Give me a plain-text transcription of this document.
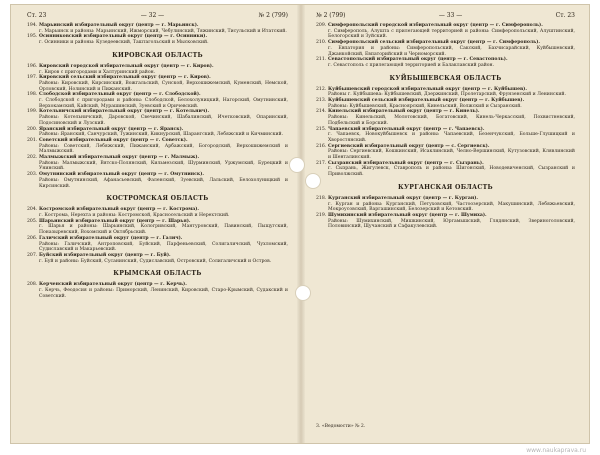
Ст. 23	— 32 —	№ 2 (799)
194. Марьинский избирательный округ (центр — г. Марьинск).
г. Марьинск и районы: Марьинский, Ижморский, Чебулинский, Тяжинский, Тисульский и Итатский.
195. Осинниковский избирательный округ (центр — г. Осинники).
г. Осинники и районы: Кузедеевский, Таштагольский и Мысковский.
КИРОВСКАЯ ОБЛАСТЬ
196. Кировский городской избирательный округ (центр — г. Киров).
г. Киров с пригородами и Халтуринский район.
197. Кировский сельский избирательный округ (центр — г. Киров).
Районы: Кировский, Кирсинский, Вожгальский, Сунской, Верхошижемский, Куменский, Немской, Орловский, Нолинский и Пижанский.
198. Слободской избирательный округ (центр — г. Слободской).
г. Слободской с пригородами и районы: Слободской, Белохолуницкий, Нагорский, Омутнинский, Верхокамский, Кайский, Мурашинский, Зуевский и Оричевский.
199. Котельничский избирательный округ (центр — г. Котельнич).
Районы: Котельничский, Даровской, Свечинский, Шабалинский, Ичетковский, Опаринский, Подосиновский и Лузский.
200. Яранский избирательный округ (центр — г. Яранск).
Районы: Яранский, Санчурский, Тужинский, Кикнурский, Шарангский, Лебяжский и Кичминский.
201. Советский избирательный округ (центр — г. Советск).
Районы: Советский, Лебяжский, Пижанский, Арбажский, Богородский, Верхошижемский и Малмыжский.
202. Малмыжский избирательный округ (центр — г. Малмыж).
Районы: Малмыжский, Вятско-Полянский, Кильмезский, Шурминский, Уржумский, Бурецкий и Унинский.
203. Омутнинский избирательный округ (центр — г. Омутнинск).
Районы: Омутнинский, Афанасьевский, Фаленский, Зуевский, Лальский, Белохолуницкий и Кирсинский.
КОСТРОМСКАЯ ОБЛАСТЬ
204. Костромской избирательный округ (центр — г. Кострома).
г. Кострома, Нерехта и районы: Костромской, Красносельский и Нерехтский.
205. Шарьинский избирательный округ (центр — г. Шарья).
г. Шарья и районы: Шарьинский, Кологривский, Мантуровский, Павинский, Пыщугский, Поназыревский, Вохомский и Октябрьский.
206. Галичский избирательный округ (центр — г. Галич).
Районы: Галичский, Антроповский, Буйский, Парфеньевский, Солигаличский, Чухломский, Судиславский и Макарьевский.
207. Буйский избирательный округ (центр — г. Буй).
г. Буй и районы: Буйский, Сусанинский, Судиславский, Островский, Солигаличский и Остров.
КРЫМСКАЯ ОБЛАСТЬ
208. Керченский избирательный округ (центр — г. Керчь).
г. Керчь, Феодосия и районы: Приморский, Ленинский, Кировский, Старо-Крымский, Судакский и Советский.
№ 2 (799)	— 33 —	Ст. 23
209. Симферопольский городской избирательный округ (центр — г. Симферополь).
г. Симферополь, Алушта с прилегающей территорией и районы: Симферопольский, Алуштинский, Белогорский и Зуйский.
210. Симферопольский сельский избирательный округ (центр — г. Симферополь).
г. Евпатория и районы: Симферопольский, Сакский, Бахчисарайский, Куйбышевский, Джанкойский, Евпаторийский и Черноморский.
211. Севастопольский избирательный округ (центр — г. Севастополь).
г. Севастополь с прилегающей территорией и Балаклавский район.
КУЙБЫШЕВСКАЯ ОБЛАСТЬ
212. Куйбышевский городской избирательный округ (центр — г. Куйбышев).
Районы г. Куйбышева: Куйбышевский, Дзержинский, Пролетарский, Фрунзенский и Ленинский.
213. Куйбышевский сельский избирательный округ (центр — г. Куйбышев).
Районы: Куйбышевский, Красноярский, Кинельский, Волжский и Сызранский.
214. Кинельский избирательный округ (центр — г. Кинель).
Районы: Кинельский, Молотовский, Богатовский, Кинель-Черкасский, Похвистневский, Подбельский и Борский.
215. Чапаевский избирательный округ (центр — г. Чапаевск).
г. Чапаевск, Новокуйбышевск и районы: Чапаевский, Безенчукский, Больше-Глушицкий и Хворостянский.
216. Сергиевский избирательный округ (центр — с. Сергиевск).
Районы: Сергиевский, Кошкинский, Исаклинский, Челно-Вершинский, Кутузовский, Клявлинский и Шенталинский.
217. Сызранский избирательный округ (центр — г. Сызрань).
г. Сызрань, Жигулевск, Ставрополь и районы: Шигонский, Новодевиченский, Сызранский и Приволжский.
КУРГАНСКАЯ ОБЛАСТЬ
218. Курганский избирательный округ (центр — г. Курган).
г. Курган и районы: Курганский, Петуховский, Частоозерский, Макушинский, Лебяжьевский, Мокроусовский, Варгашинский, Белозерский и Кетовский.
219. Шумихинский избирательный округ (центр — г. Шумиха).
Районы: Шумихинский, Мишкинский, Юргамышский, Глядянский, Звериноголовский, Половинский, Щучанский и Сафакулевский.
3. «Ведомости» № 2.
www.naukaprava.ru
